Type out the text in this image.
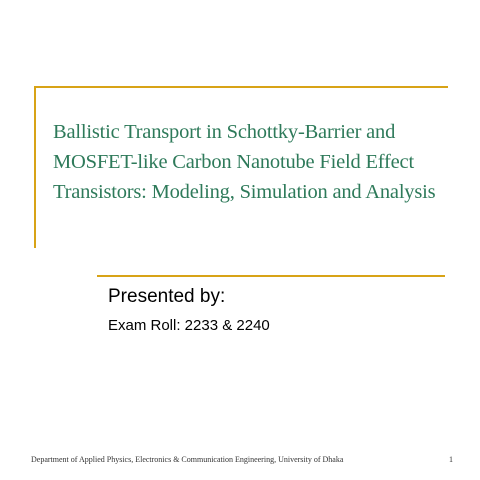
Ballistic Transport in Schottky-Barrier and
MOSFET-like Carbon Nanotube Field Effect
Transistors: Modeling, Simulation and Analysis

Presented by:

Exam Roll: 2233 & 2240

Department of Applied Physics, Electronics & Communication Engineering, University of Dhaka	1
